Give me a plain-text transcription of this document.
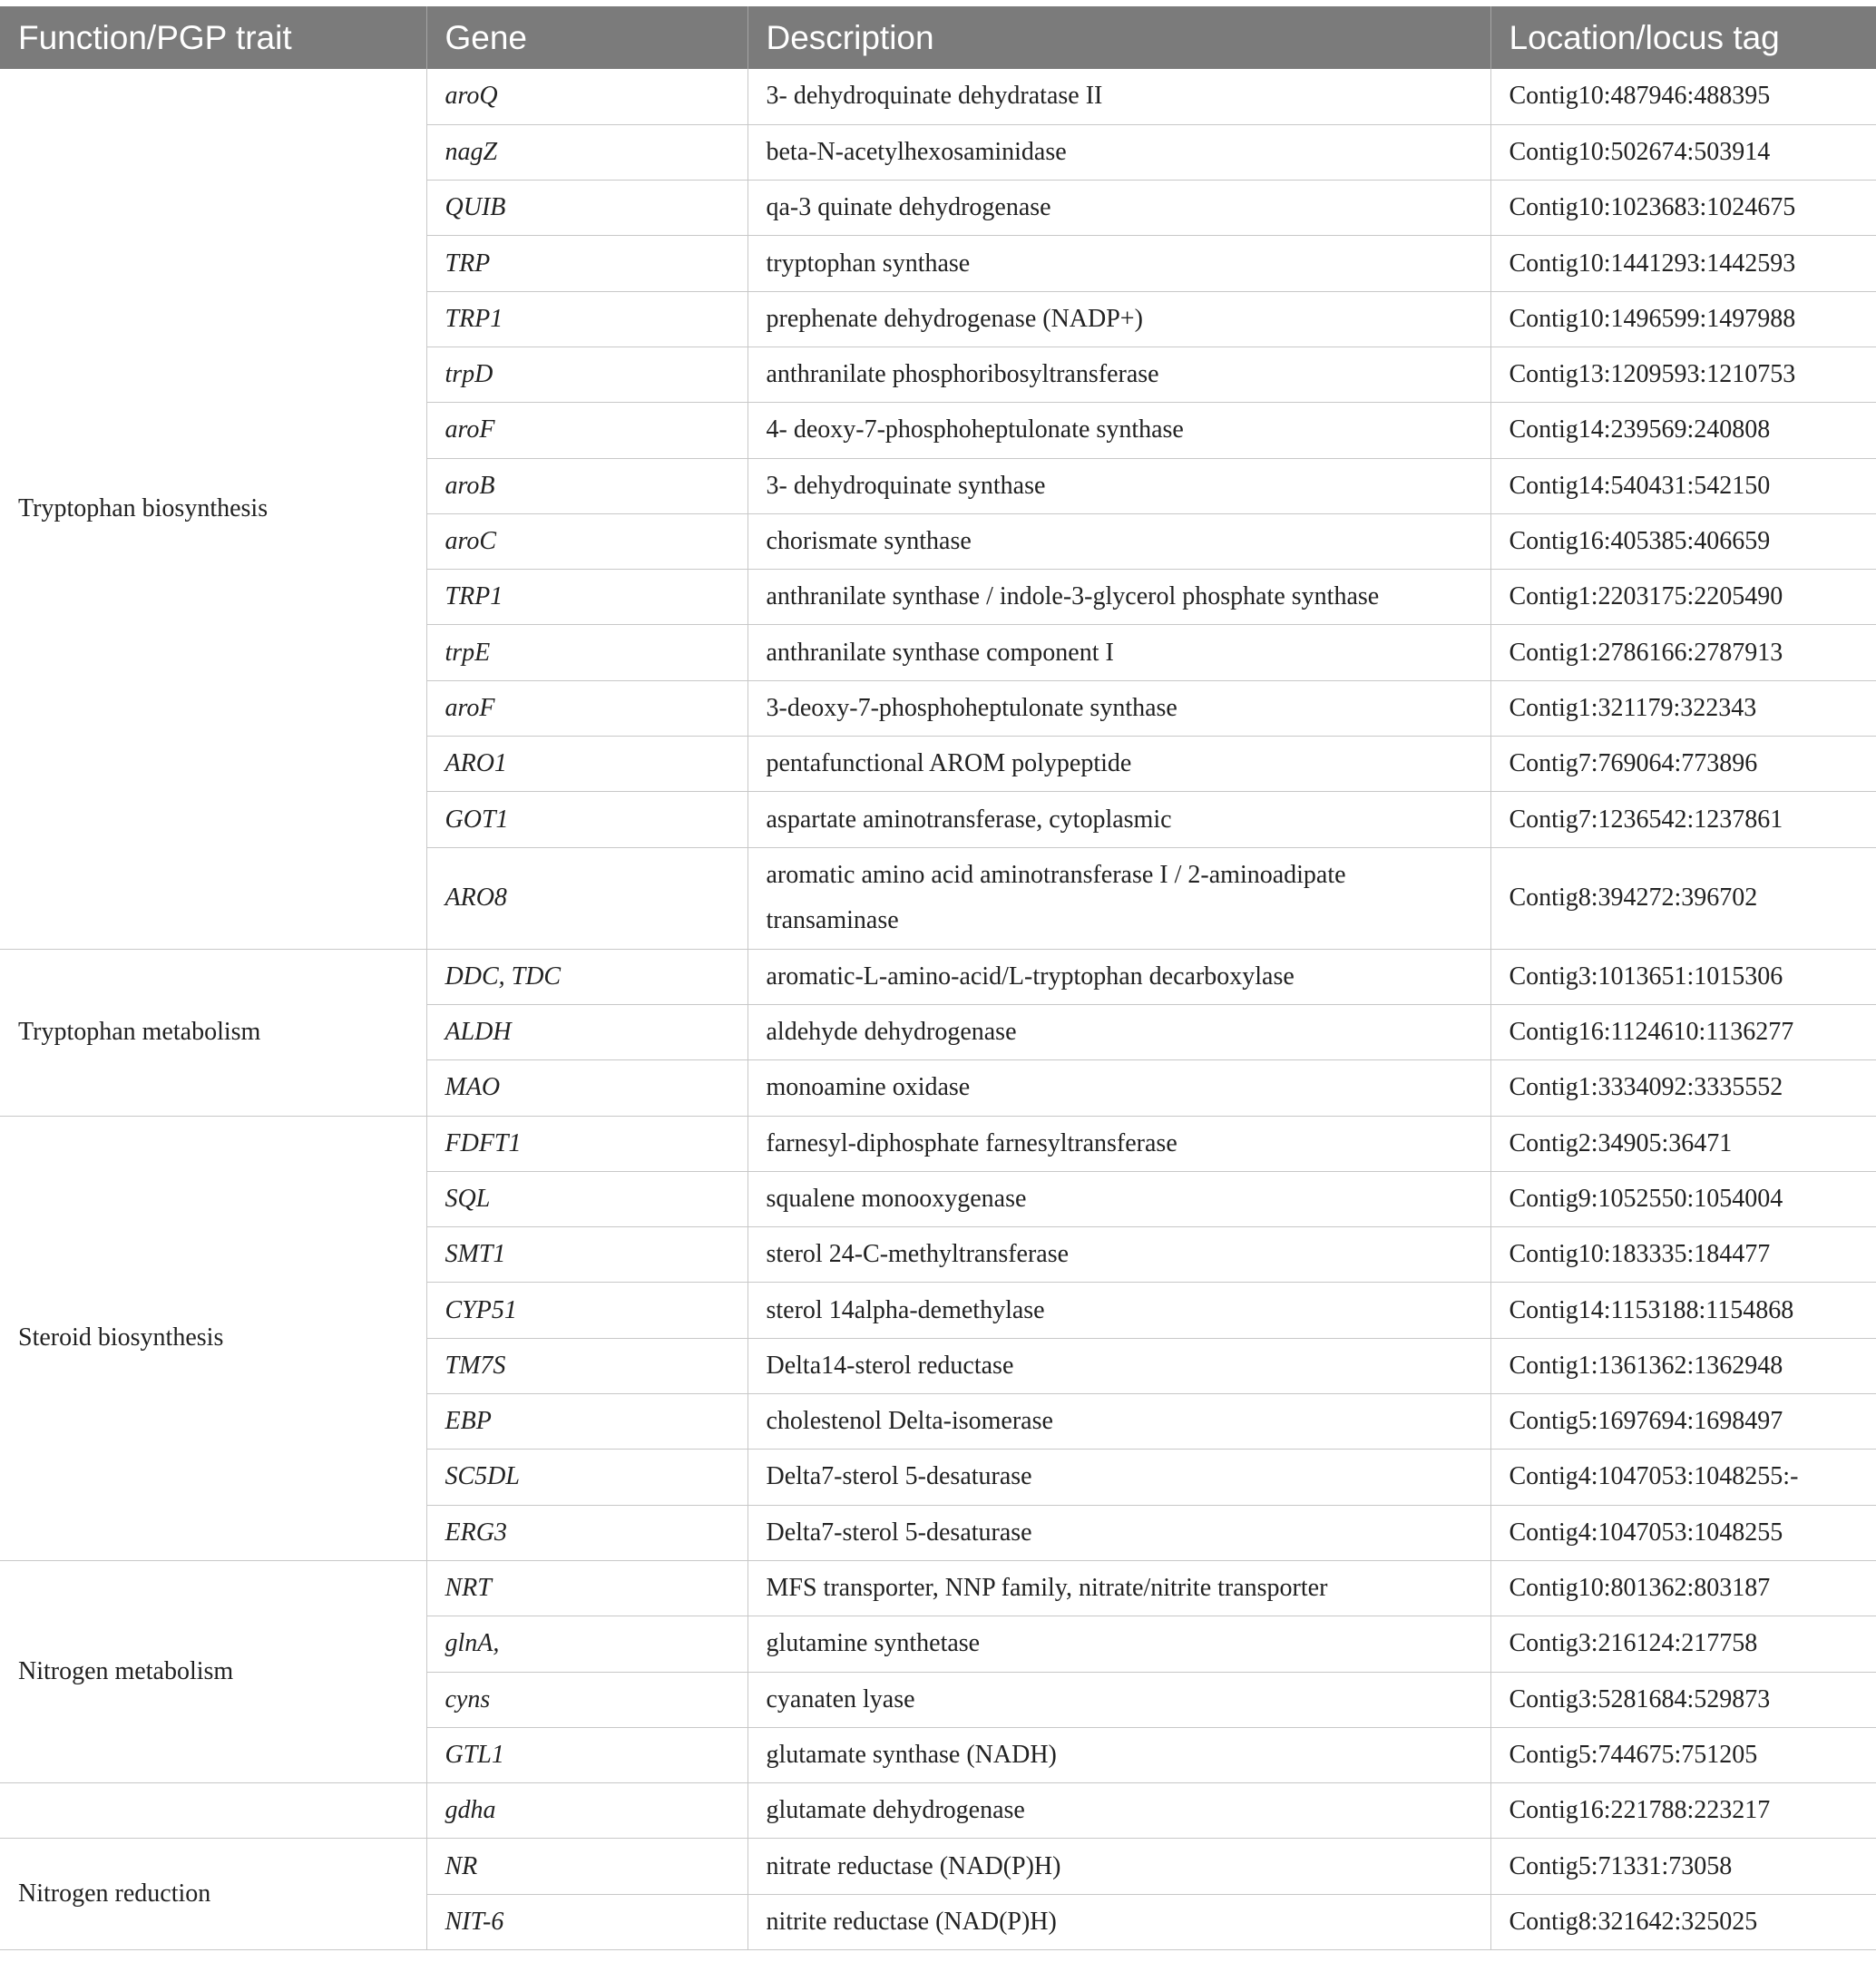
Function/PGP trait	Gene	Description	Location/locus tag
Tryptophan biosynthesis	aroQ	3- dehydroquinate dehydratase II	Contig10:487946:488395
	nagZ	beta-N-acetylhexosaminidase	Contig10:502674:503914
	QUIB	qa-3 quinate dehydrogenase	Contig10:1023683:1024675
	TRP	tryptophan synthase	Contig10:1441293:1442593
	TRP1	prephenate dehydrogenase (NADP+)	Contig10:1496599:1497988
	trpD	anthranilate phosphoribosyltransferase	Contig13:1209593:1210753
	aroF	4- deoxy-7-phosphoheptulonate synthase	Contig14:239569:240808
	aroB	3- dehydroquinate synthase	Contig14:540431:542150
	aroC	chorismate synthase	Contig16:405385:406659
	TRP1	anthranilate synthase / indole-3-glycerol phosphate synthase	Contig1:2203175:2205490
	trpE	anthranilate synthase component I	Contig1:2786166:2787913
	aroF	3-deoxy-7-phosphoheptulonate synthase	Contig1:321179:322343
	ARO1	pentafunctional AROM polypeptide	Contig7:769064:773896
	GOT1	aspartate aminotransferase, cytoplasmic	Contig7:1236542:1237861
	ARO8	aromatic amino acid aminotransferase I / 2-aminoadipate transaminase	Contig8:394272:396702
Tryptophan metabolism	DDC, TDC	aromatic-L-amino-acid/L-tryptophan decarboxylase	Contig3:1013651:1015306
	ALDH	aldehyde dehydrogenase	Contig16:1124610:1136277
	MAO	monoamine oxidase	Contig1:3334092:3335552
Steroid biosynthesis	FDFT1	farnesyl-diphosphate farnesyltransferase	Contig2:34905:36471
	SQL	squalene monooxygenase	Contig9:1052550:1054004
	SMT1	sterol 24-C-methyltransferase	Contig10:183335:184477
	CYP51	sterol 14alpha-demethylase	Contig14:1153188:1154868
	TM7S	Delta14-sterol reductase	Contig1:1361362:1362948
	EBP	cholestenol Delta-isomerase	Contig5:1697694:1698497
	SC5DL	Delta7-sterol 5-desaturase	Contig4:1047053:1048255:-
	ERG3	Delta7-sterol 5-desaturase	Contig4:1047053:1048255
Nitrogen metabolism	NRT	MFS transporter, NNP family, nitrate/nitrite transporter	Contig10:801362:803187
	glnA,	glutamine synthetase	Contig3:216124:217758
	cyns	cyanaten lyase	Contig3:5281684:529873
	GTL1	glutamate synthase (NADH)	Contig5:744675:751205
	gdha	glutamate dehydrogenase	Contig16:221788:223217
Nitrogen reduction	NR	nitrate reductase (NAD(P)H)	Contig5:71331:73058
	NIT-6	nitrite reductase (NAD(P)H)	Contig8:321642:325025
